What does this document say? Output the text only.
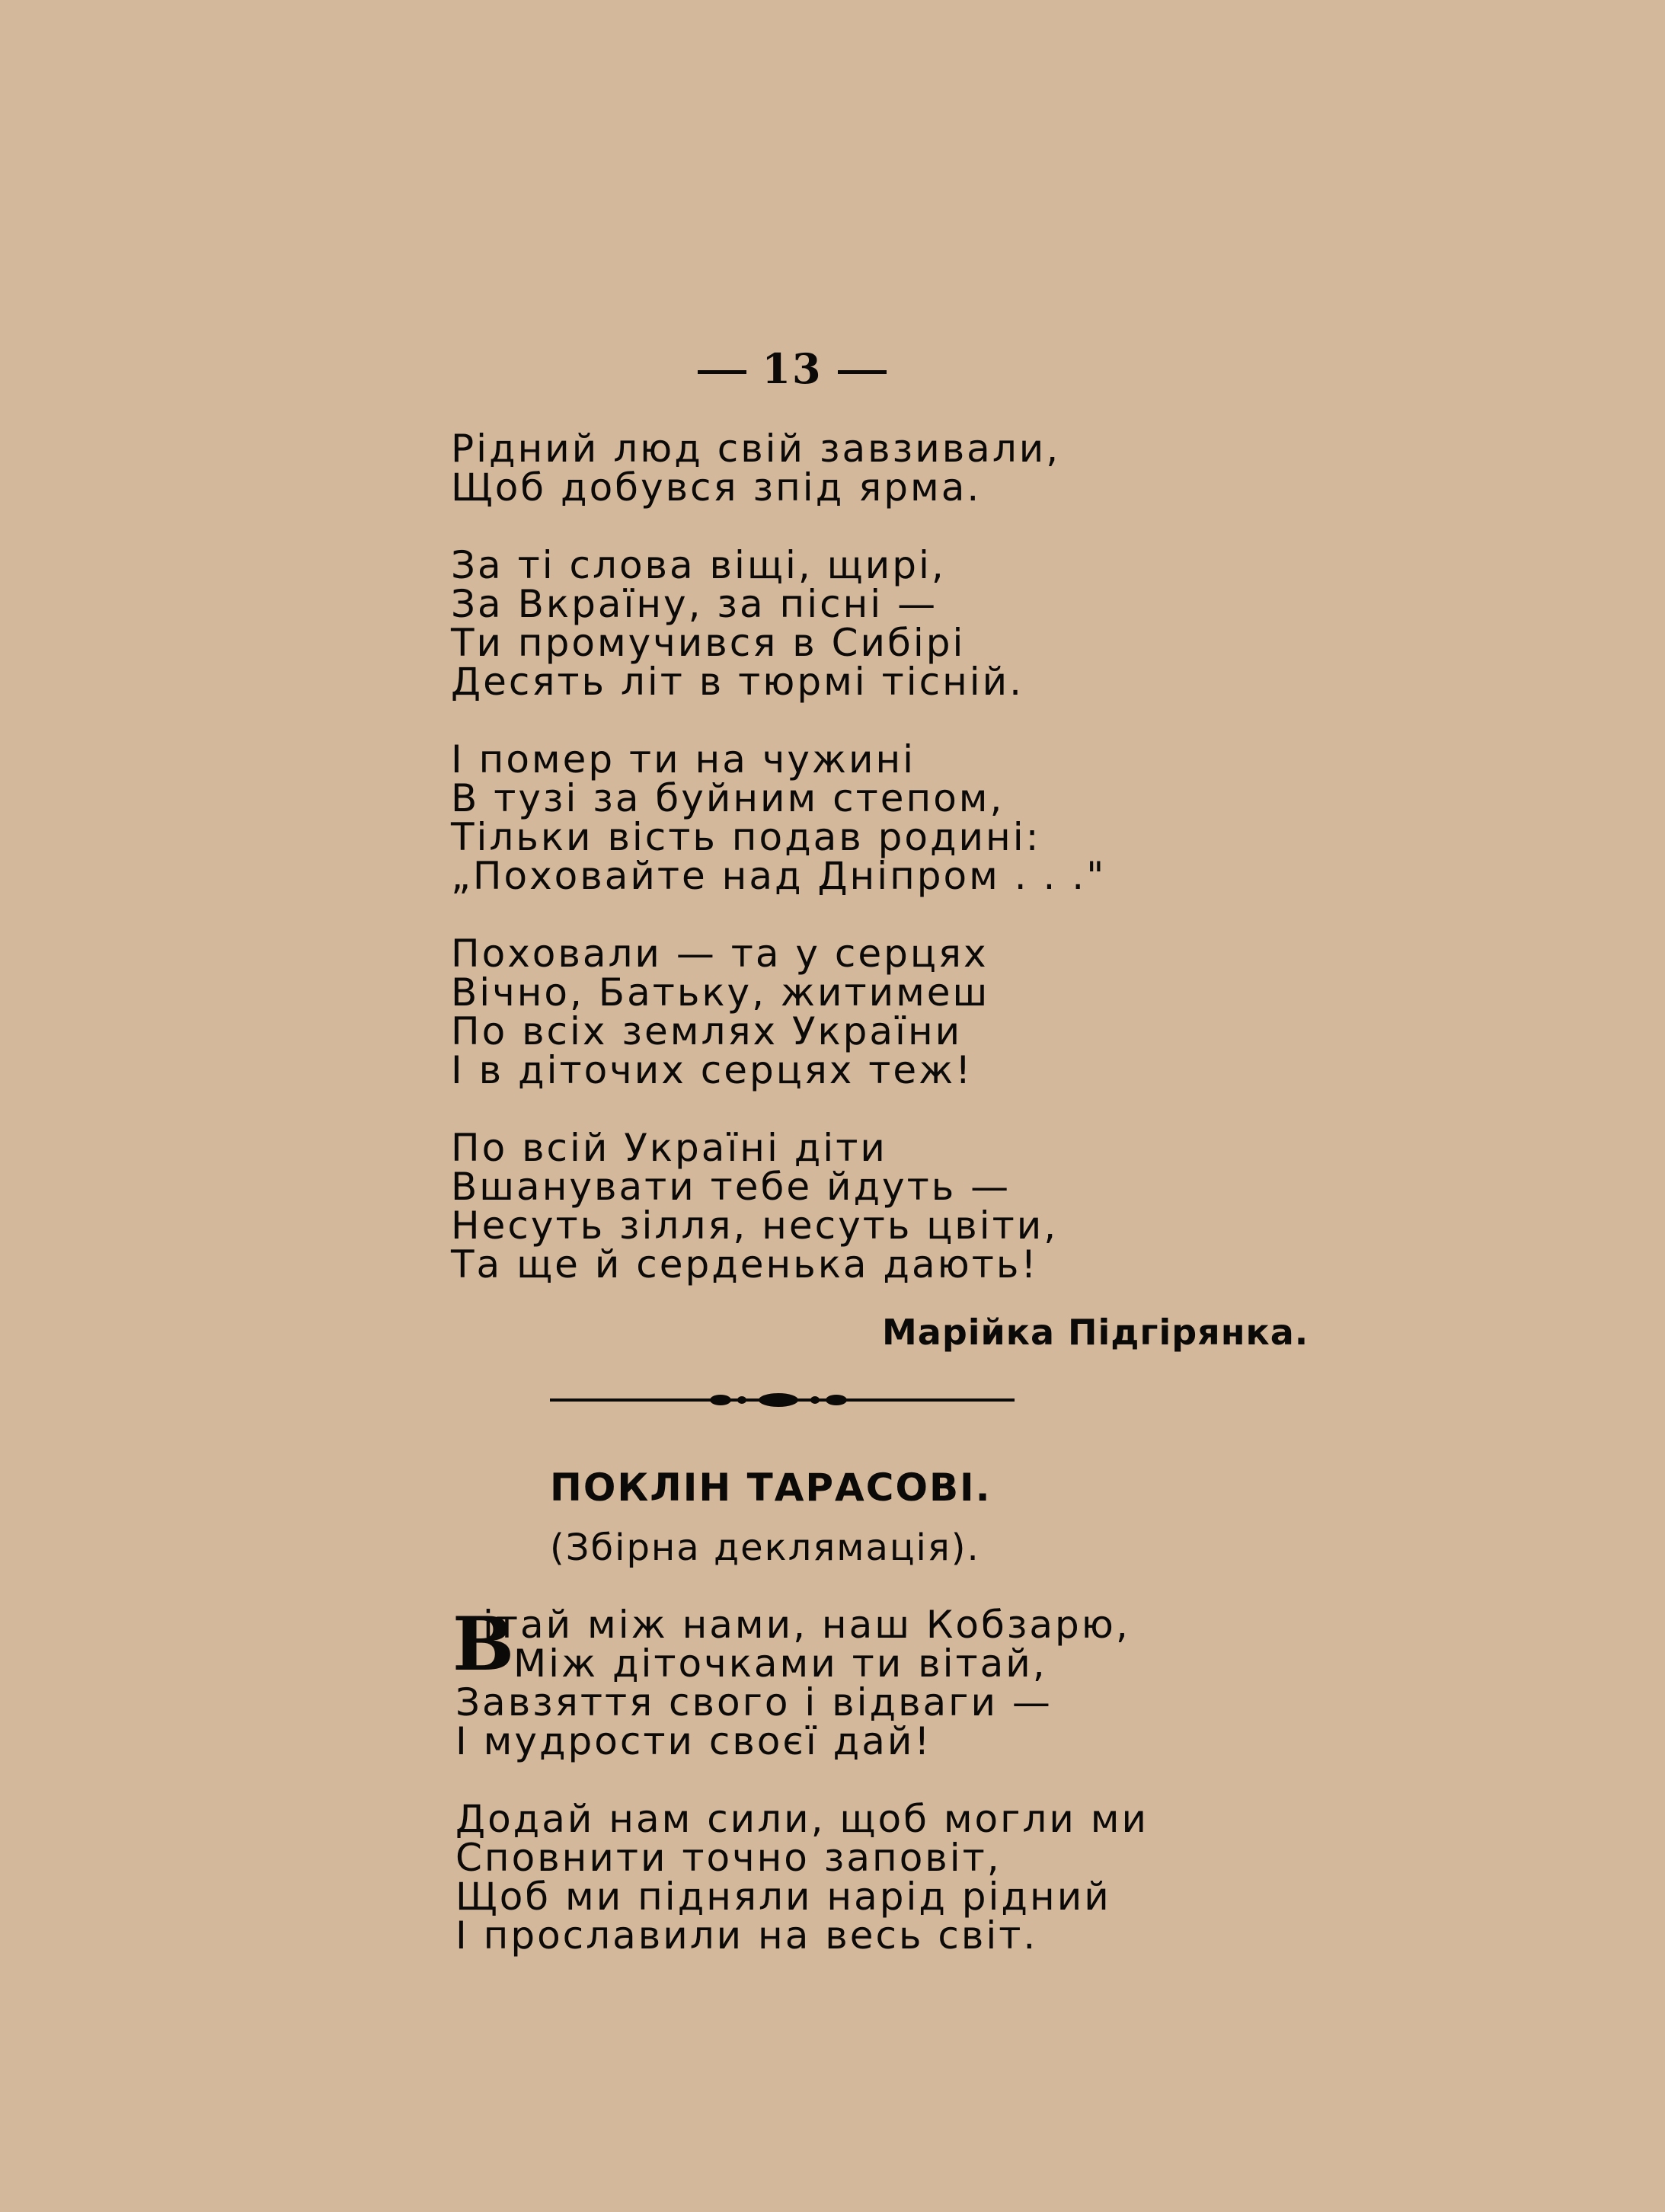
13
Рідний люд свій завзивали,
Щоб добувся зпід ярма.
За ті слова віщі, щирі,
За Вкраїну, за пісні —
Ти промучився в Сибірі
Десять літ в тюрмі тісній.
І помер ти на чужині
В тузі за буйним степом,
Тільки вість подав родині:
„Поховайте над Дніпром . . ."
Поховали — та у серцях
Вічно, Батьку, житимеш
По всіх землях України
І в діточих серцях теж!
По всій Україні діти
Вшанувати тебе йдуть —
Несуть зілля, несуть цвіти,
Та ще й серденька дають!
Марійка Підгірянка.
ПОКЛІН ТАРАСОВІ.
(Збірна деклямація).
В
ітай між нами, наш Кобзарю,
Між діточками ти вітай,
Завзяття свого і відваги —
І мудрости своєї дай!
Додай нам сили, щоб могли ми
Сповнити точно заповіт,
Щоб ми підняли нарід рідний
І прославили на весь світ.
